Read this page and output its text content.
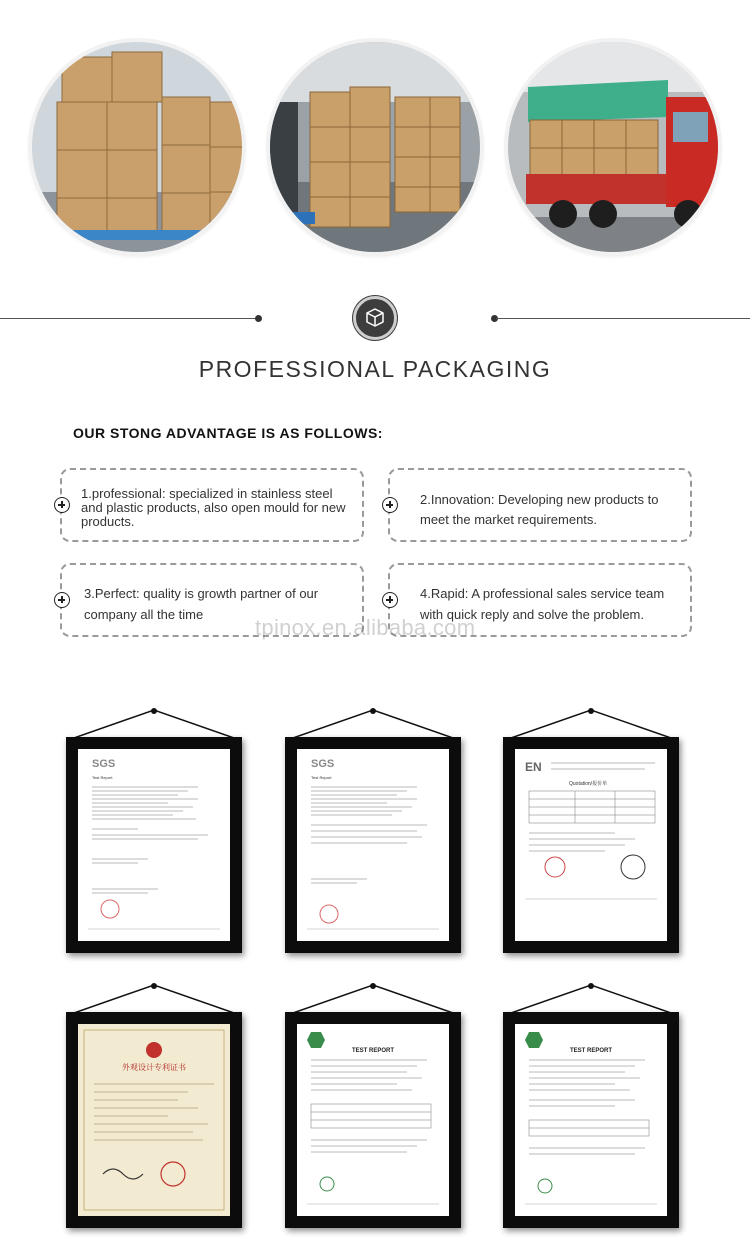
PROFESSIONAL PACKAGING
OUR STONG ADVANTAGE IS AS FOLLOWS:
1.professional: specialized in stainless steel and plastic products, also open mould for new products.
2.Innovation: Developing new products to meet the market requirements.
3.Perfect: quality is growth partner of our company all the time
4.Rapid: A professional sales service team with quick reply and solve the problem.
tpinox.en.alibaba.com
SGS
Test Report
SGS
Test Report
EN
Quotation/报价单
外观设计专利证书
TEST REPORT	TEST REPORT
